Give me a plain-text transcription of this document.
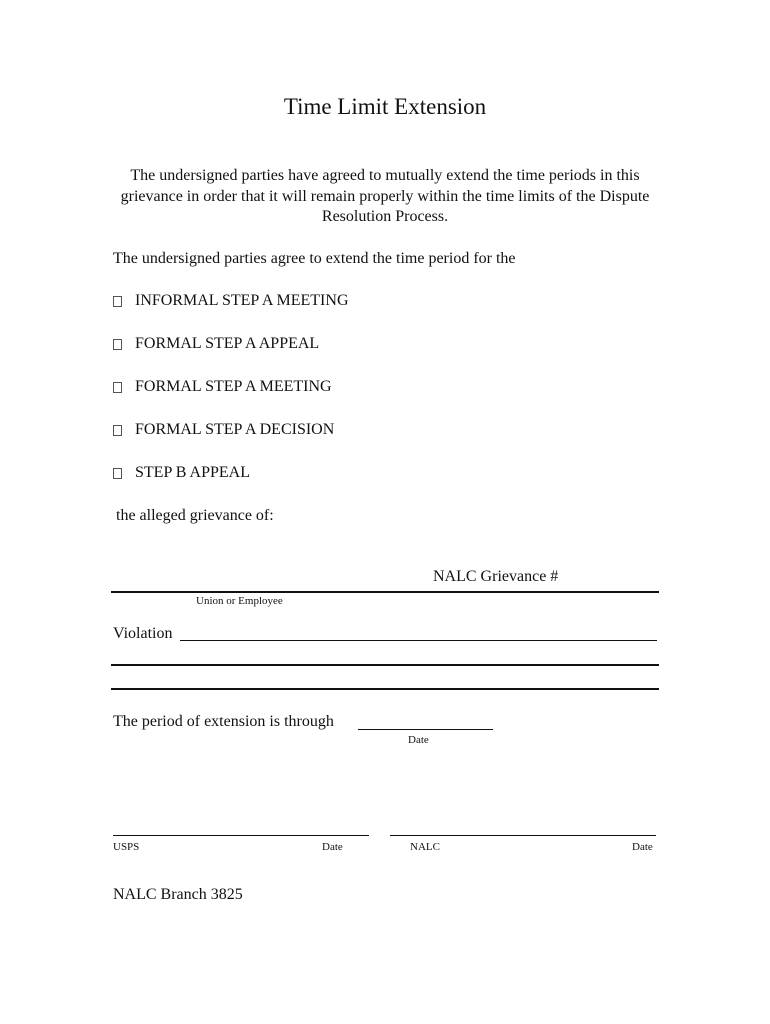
Time Limit Extension
The undersigned parties have agreed to mutually extend the time periods in this grievance in order that it will remain properly within the time limits of the Dispute Resolution Process.
The undersigned parties agree to extend the time period for the
INFORMAL STEP A MEETING
FORMAL STEP A APPEAL
FORMAL STEP A MEETING
FORMAL STEP A DECISION
STEP B APPEAL
the alleged grievance of:
NALC Grievance #
Union or Employee
Violation
The period of extension is through
Date
USPS	Date	NALC	Date
NALC Branch 3825
